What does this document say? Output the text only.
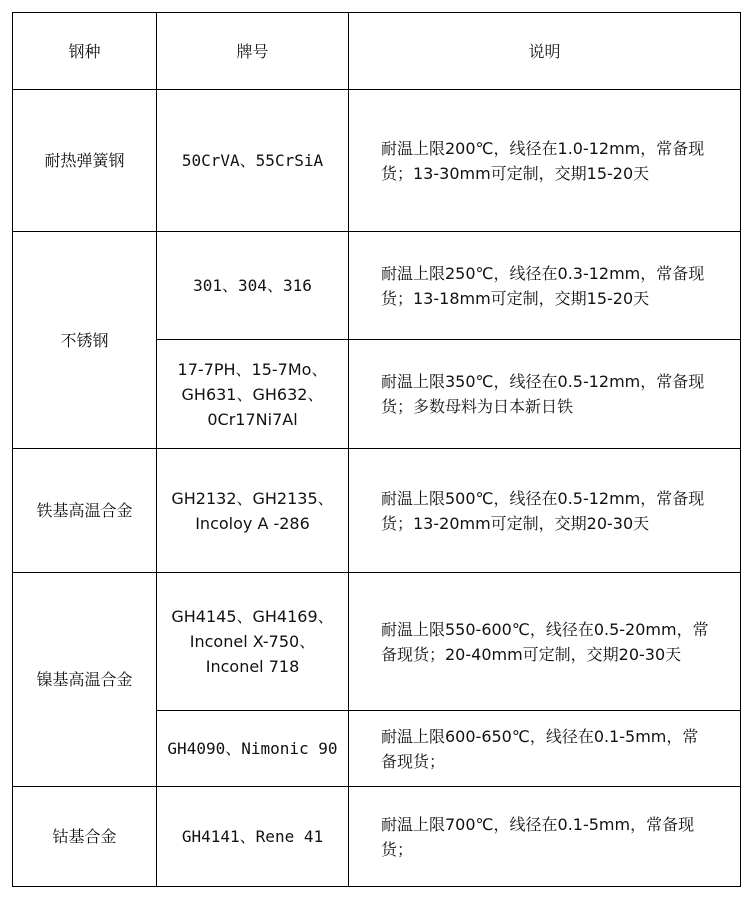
钢种	牌号	说明
耐热弹簧钢	50CrVA、55CrSiA	耐温上限200℃，线径在1.0-12mm，常备现货；13-30mm可定制，交期15-20天
不锈钢	301、304、316	耐温上限250℃，线径在0.3-12mm，常备现货；13-18mm可定制，交期15-20天
	17-7PH、15-7Mo、GH631、GH632、0Cr17Ni7Al	耐温上限350℃，线径在0.5-12mm，常备现货；多数母料为日本新日铁
铁基高温合金	GH2132、GH2135、Incoloy A -286	耐温上限500℃，线径在0.5-12mm，常备现货；13-20mm可定制，交期20-30天
镍基高温合金	GH4145、GH4169、Inconel X-750、Inconel 718	耐温上限550-600℃，线径在0.5-20mm，常备现货；20-40mm可定制，交期20-30天
	GH4090、Nimonic 90	耐温上限600-650℃，线径在0.1-5mm，常备现货；
钴基合金	GH4141、Rene 41	耐温上限700℃，线径在0.1-5mm，常备现货；
